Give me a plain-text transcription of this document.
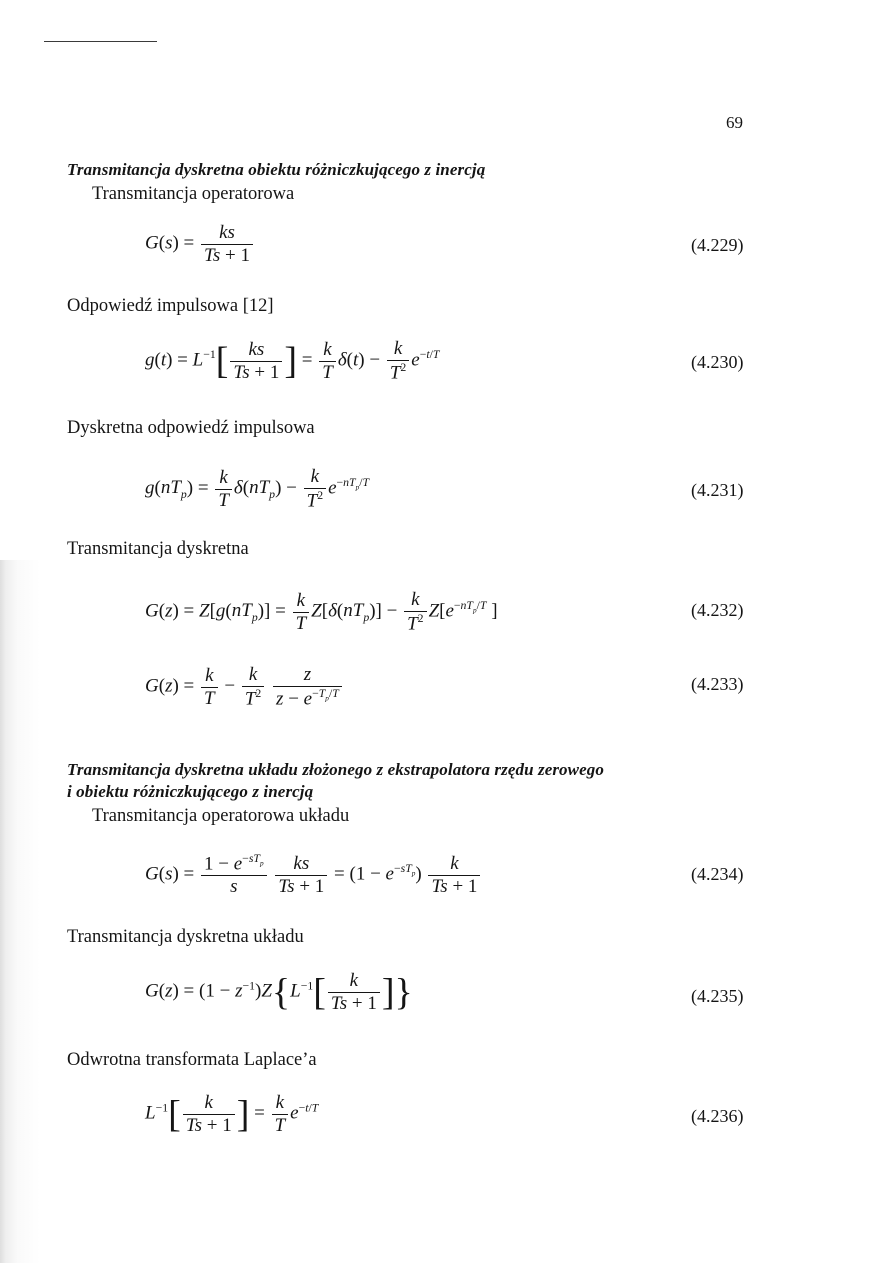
69
Transmitancja dyskretna obiektu różniczkującego z inercją
Transmitancja operatorowa
$G(s) = \frac{ks}{Ts + 1}$	(4.229)
Odpowiedź impulsowa [12]
$g(t) = L^{-1}[ \frac{ks}{Ts + 1}$ ] = $\frac{k}{T} \delta(t) - \frac{k}{T^2} e^{-t/T}$	(4.230)
Dyskretna odpowiedź impulsowa
$g(nT_p) = \frac{k}{T} \delta(nT_p) - \frac{k}{T^2} e^{-nT_p/T}$	(4.231)
Transmitancja dyskretna
$G(z) = Z[g(nT_p)] = \frac{k}{T} Z[\delta(nT_p)] - \frac{k}{T^2} Z[e^{-nT_p/T}$ ]	(4.232)
$G(z) = \frac{k}{T} - \frac{k}{T^2}$
$\frac{z}{z - e^{-T_p/T}}$	(4.233)
Transmitancja dyskretna układu złożonego z ekstrapolatora rzędu zerowego
i obiektu różniczkującego z inercją
Transmitancja operatorowa układu
$G(s) = 1 - e^{-sT_p}$
s
	$\frac{ks}{Ts + 1} = (1 - e^{-sT_p}) \frac{k}{Ts + 1}$	(4.234)
Transmitancja dyskretna układu
$G(z) = (1 - z^{-1})Z\{L^{-1}[ \frac{k}{Ts + 1}$ ]}	(4.235)
Odwrotna transformata Laplace’a
$L^{-1}[ \frac{k}{Ts + 1}$ ] = $\frac{k}{T} e^{-t/T}$	(4.236)
